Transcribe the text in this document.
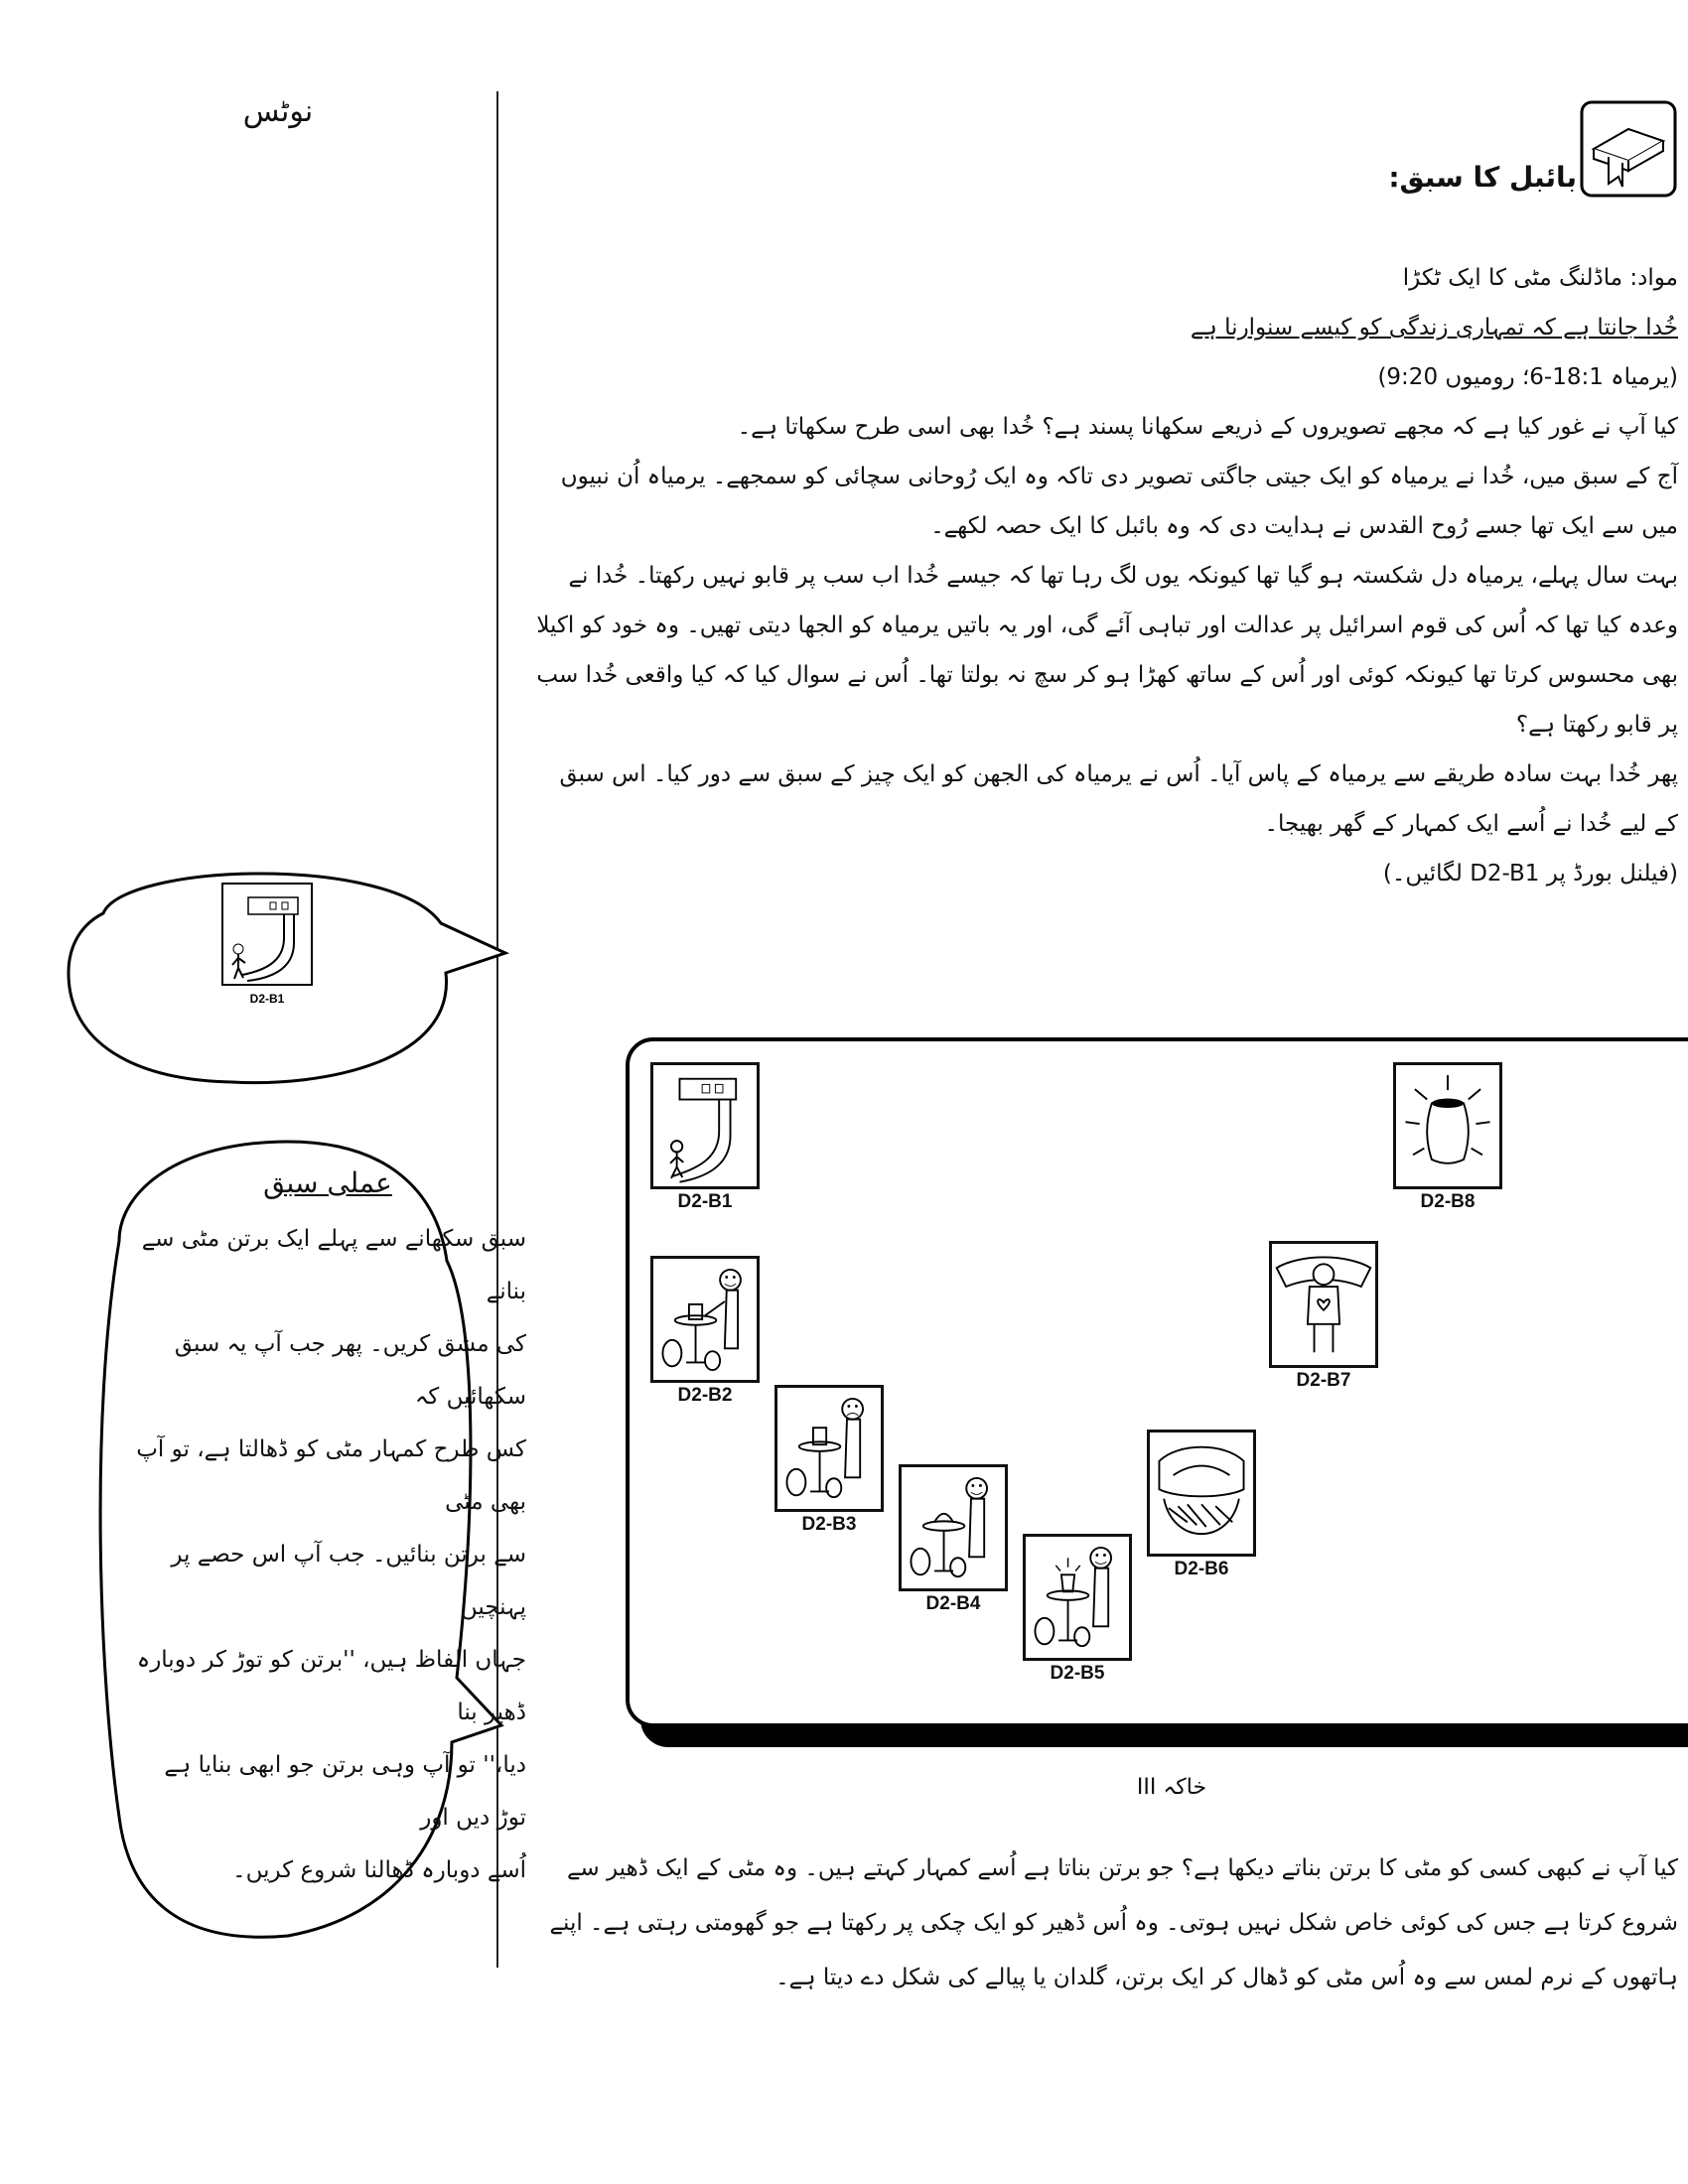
نوٹس
D2-B1
عملی سبق

سبق سکھانے سے پہلے ایک برتن مٹی سے بنانے

کی مشق کریں۔ پھر جب آپ یہ سبق سکھائیں کہ

کس طرح کمہار مٹی کو ڈھالتا ہے، تو آپ بھی مٹی

سے برتن بنائیں۔ جب آپ اس حصے پر پہنچیں

جہاں الفاظ ہیں، ''برتن کو توڑ کر دوبارہ ڈھیر بنا

دیا،'' تو آپ وہی برتن جو ابھی بنایا ہے توڑ دیں اور

اُسے دوبارہ ڈھالنا شروع کریں۔

بائبل کا سبق:

مواد: ماڈلنگ مٹی کا ایک ٹکڑا

خُدا جانتا ہے کہ تمہاری زندگی کو کیسے سنوارنا ہے

(یرمیاہ 18:1-6؛ رومیوں 9:20)

کیا آپ نے غور کیا ہے کہ مجھے تصویروں کے ذریعے سکھانا پسند ہے؟ خُدا بھی اسی طرح سکھاتا ہے۔

آج کے سبق میں، خُدا نے یرمیاہ کو ایک جیتی جاگتی تصویر دی تاکہ وہ ایک رُوحانی سچائی کو سمجھے۔ یرمیاہ اُن نبیوں میں سے ایک تھا جسے رُوح القدس نے ہدایت دی کہ وہ بائبل کا ایک حصہ لکھے۔

بہت سال پہلے، یرمیاہ دل شکستہ ہو گیا تھا کیونکہ یوں لگ رہا تھا کہ جیسے خُدا اب سب پر قابو نہیں رکھتا۔ خُدا نے وعدہ کیا تھا کہ اُس کی قوم اسرائیل پر عدالت اور تباہی آئے گی، اور یہ باتیں یرمیاہ کو الجھا دیتی تھیں۔ وہ خود کو اکیلا بھی محسوس کرتا تھا کیونکہ کوئی اور اُس کے ساتھ کھڑا ہو کر سچ نہ بولتا تھا۔ اُس نے سوال کیا کہ کیا واقعی خُدا سب پر قابو رکھتا ہے؟

پھر خُدا بہت سادہ طریقے سے یرمیاہ کے پاس آیا۔ اُس نے یرمیاہ کی الجھن کو ایک چیز کے سبق سے دور کیا۔ اس سبق کے لیے خُدا نے اُسے ایک کمہار کے گھر بھیجا۔

(فیلنل بورڈ پر D2-B1 لگائیں۔)

D2-B1
D2-B2
D2-B3
D2-B4
D2-B5
D2-B6
D2-B7
D2-B8
خاکہ III

کیا آپ نے کبھی کسی کو مٹی کا برتن بناتے دیکھا ہے؟ جو برتن بناتا ہے اُسے کمہار کہتے ہیں۔ وہ مٹی کے ایک ڈھیر سے شروع کرتا ہے جس کی کوئی خاص شکل نہیں ہوتی۔ وہ اُس ڈھیر کو ایک چکی پر رکھتا ہے جو گھومتی رہتی ہے۔ اپنے ہاتھوں کے نرم لمس سے وہ اُس مٹی کو ڈھال کر ایک برتن، گلدان یا پیالے کی شکل دے دیتا ہے۔
